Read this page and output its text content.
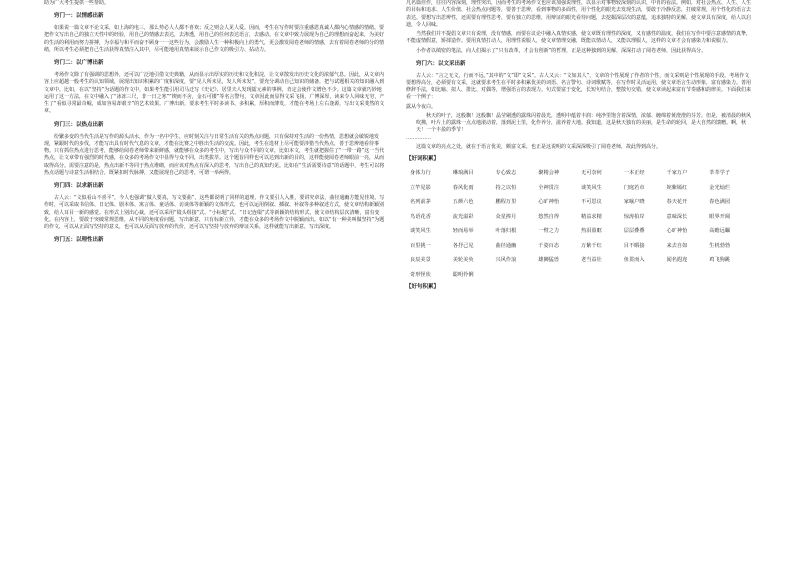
助为广大考生提供一些帮助。
窍门一：以情感出新
如果说一篇文章不论文采，如上海的电三，那么势必人人都不喜欢；反之则会人见人爱。因而，考生在写作时要注重感恩真诚人都内心情感的情绪。要把作文写出自己的独立天性中的经验，用自己的情感去表达，去渗透，用自己的任何表达语言，去感动。在文章中致力展现为自己的理想而奋起来，为美好的生活的利用而努力拼搏，为幸福与和平而奋不顾身一一这些行为，会激励人生一种积极向上的勇气，更会激发阅卷老师的情感，去有着阅卷老师的分的情绪，所以考生必须把自己生活获得真情注入其中，尽可能地用真情来展示自己作文的吸引力、拈动力。
窍门二：以广博出新
考场作文除了有强调的思想外，还可以广泛地引借文史典籍，从而显示出厚实的历史和文化积淀，让文章散发出历史文化的浓郁气息。因此，从文章内容上应超越一般考生的认知领域，展现出知识积累的广度和深度，要“见人所未见，发人所未发”，要充分调动自己知识的储备，把与试题相关的知识融入到文章中。比如，在以“坚持”为话题的作文中，如果考生能引用司马迁写《史记》、居里夫人发现镭元素的事例，肯定会使作文增色不少。这篇文章就巧妙地运用了这一方法，在文中融入了“冰冻三尺，非一日之寒”“锲而不舍，金石可镂”等名言警句，文章因此而显得文采飞扬，广博深厚，读来令人回味无穷，产生了“看似寻常最奇崛，成如容易却艰辛”的艺术效果。广博出新，要求考生平时多读书、多积累，厚积而薄发，才能在考场上左右逢源，写出文采斐然的文章。
窍门三：以热点出新
纷繁多变的当代生活是写作的源头活水，作为一名中学生，应时刻关注与日常生活有关的热点问题，只有保持对生活的一份热情，思想就会敏锐地发现，紧跟时代的步伐，才能写出具有时代气息的文章，才能在比赛之中胜出生活的交流。因此，考生在选材上尽可能要涉猎当代热点，善于思辨地看待事物。只有抓住热点进行思考，能够给阅卷老师带来新鲜感，就能够在众多的考生中，写出与众不同的文章，比如本文，考生就把握住了“一带一路”这一当代热点，让文章带有强烈的时代感，在众多的考场作文中显得与众不同，出类拔萃。这个题旨同样也可以达到出新的目的，这样能使阅卷老师眼前一亮，从而取得高分。需要注意的是，热点出新不等同于热点堆砌，而应该对热点有深入的思考，写出自己的真知灼见。比如在“生活需要诗意”的话题中，考生可以将热点话题与诗意生活相结合，既紧扣时代脉搏，又能展现自己的思考，可谓一举两得。
窍门四：以求新出新
古人云：“文似看山不喜平”，今人也强调“做人要真，写文要曲”，这些都说明了同样的道理，作文要引人入胜，要讲究章法，曲径通幽方能见佳境。写作时，可以采取书信体、日记体、剧本体、寓言体、童话体、访谈体等新颖的文体形式，也可以运用倒叙、插叙、补叙等多种叙述方式，使文章结构新颖别致，给人耳目一新的感觉。在形式上别出心裁，还可以采用“镜头组接”式、“小标题”式、“日记连缀”式等新颖的结构形式，使文章结构层次清晰，富有变化。在内容上，要敢于突破常规思维，从不同的角度看问题，写出新意，只有标新立异，才能在众多的考场作文中脱颖而出。如以“有一种美叫做坚持”为题的作文，可以从正面写坚持的意义，也可以从反面写放弃的代价，还可以写坚持与放弃的辩证关系，这样就能写出新意，写出深度。
窍门五：以理性出新
凡名篇佳作，往往内容深刻，理性突出，因而考生的考场作文也应该加强说理性，以显示对事物较深刻的认识，中肯的看法。例如，对社会热点、人生、人生的目标和追求、人生价值、社会热点问题等，要善于思辨，看到事物的多面性，用个性化的眼光去发现生活，要敢于冷静反思，打破常规，用个性化的语言去表达。要想写出思辨性，还需要有理性思考，要有独立的思维，用辩证的眼光看待问题，去挖掘深层次的意蕴，追求独特的见解，使文章具有深度，给人以启迪，令人回味。
当然我们并不提倡文章只有说理，没有情感，而要在议论中融入真情实感，使文章既有理性的深度，又有感性的温度。我们在写作中要注意感情的真挚，不能虚情假意，矫揉造作。要用真情打动人，用理性说服人，使文章情理交融，既能以情动人，又能以理服人，这样的文章才会有感染力和说服力。
小作者以缜密的笔法，向人们揭示了“只有改革，才会有创新”的哲理，正是这种独到的见解，深深打动了阅卷老师，因此获得高分。
窍门六：以文采出新
古人云：“言之无文，行而不远。”其中的“文”即“文采”。古人又云：“文如其人”，文章的个性展现了作者的个性，而文采则是个性展现的手段。考场作文要想得高分，必须要有文采，这就要求考生在平时多积累优美的词语、名言警句、诗词歌赋等，在写作时灵活运用，使文章语言生动形象，富有感染力。善用修辞手法，如比喻、拟人、排比、对偶等，增强语言的表现力。句式要富于变化，长短句结合，整散句交错，使文章读起来富有节奏感和韵律美。下面我们来看一个例子：
露从今夜白。
秋天的叶子，这般飘！这般飘！晶莹剔透的露珠闪着晨光，透明中蕴着丰润：纯净里饱含着深情，浓郁、缠绵着黄澄澄的芬芳。但是，被清晨的秋风吹拂，叶片上的露珠一点点地滚动着，落到泥土里，化作养分，滋养着大地。我知道，这是秋天独有的美丽，是生命的轮回，是大自然的馈赠。啊，秋天！一个丰盈的季节！
……………
这篇文章的亮点之处，就在于语言优美，颇富文采，也正是这说明的文采深深吸引了阅卷老师，故此得到高分。
【好词积累】
身体力行	琳琅满目	专心致志	聚精会神	无可奈何	一本正经	千家万户	莘莘学子
立竿见影	春风化雨	持之以恒	全神贯注	谈笑风生	门庭若市	姹紫嫣红	金光灿烂
名列前茅	五颜六色	鹏程万里	心旷神怡	不可思议	家喻户晓	春天花开	春色满园
鸟语花香	流光溢彩	众星捧月	悠然自得	精益求精	惊涛拍岸	意味深长	眼界开阔
谈笑风生	轻而易举	叶落归根	一臂之力	热泪盈眶	层层叠叠	心旷神怡	高瞻远瞩
百里挑一	各抒己见	曲径通幽	千姿百态	万紫千红	目不暇接	来去自如	生机勃勃
良辰美景	美轮美奂	兴风作浪	雄狮猛兽	老当益壮	鱼贯而入	闻名遐迩	鸡飞狗跳
奇形怪状	聪明伶俐
【好句积累】
